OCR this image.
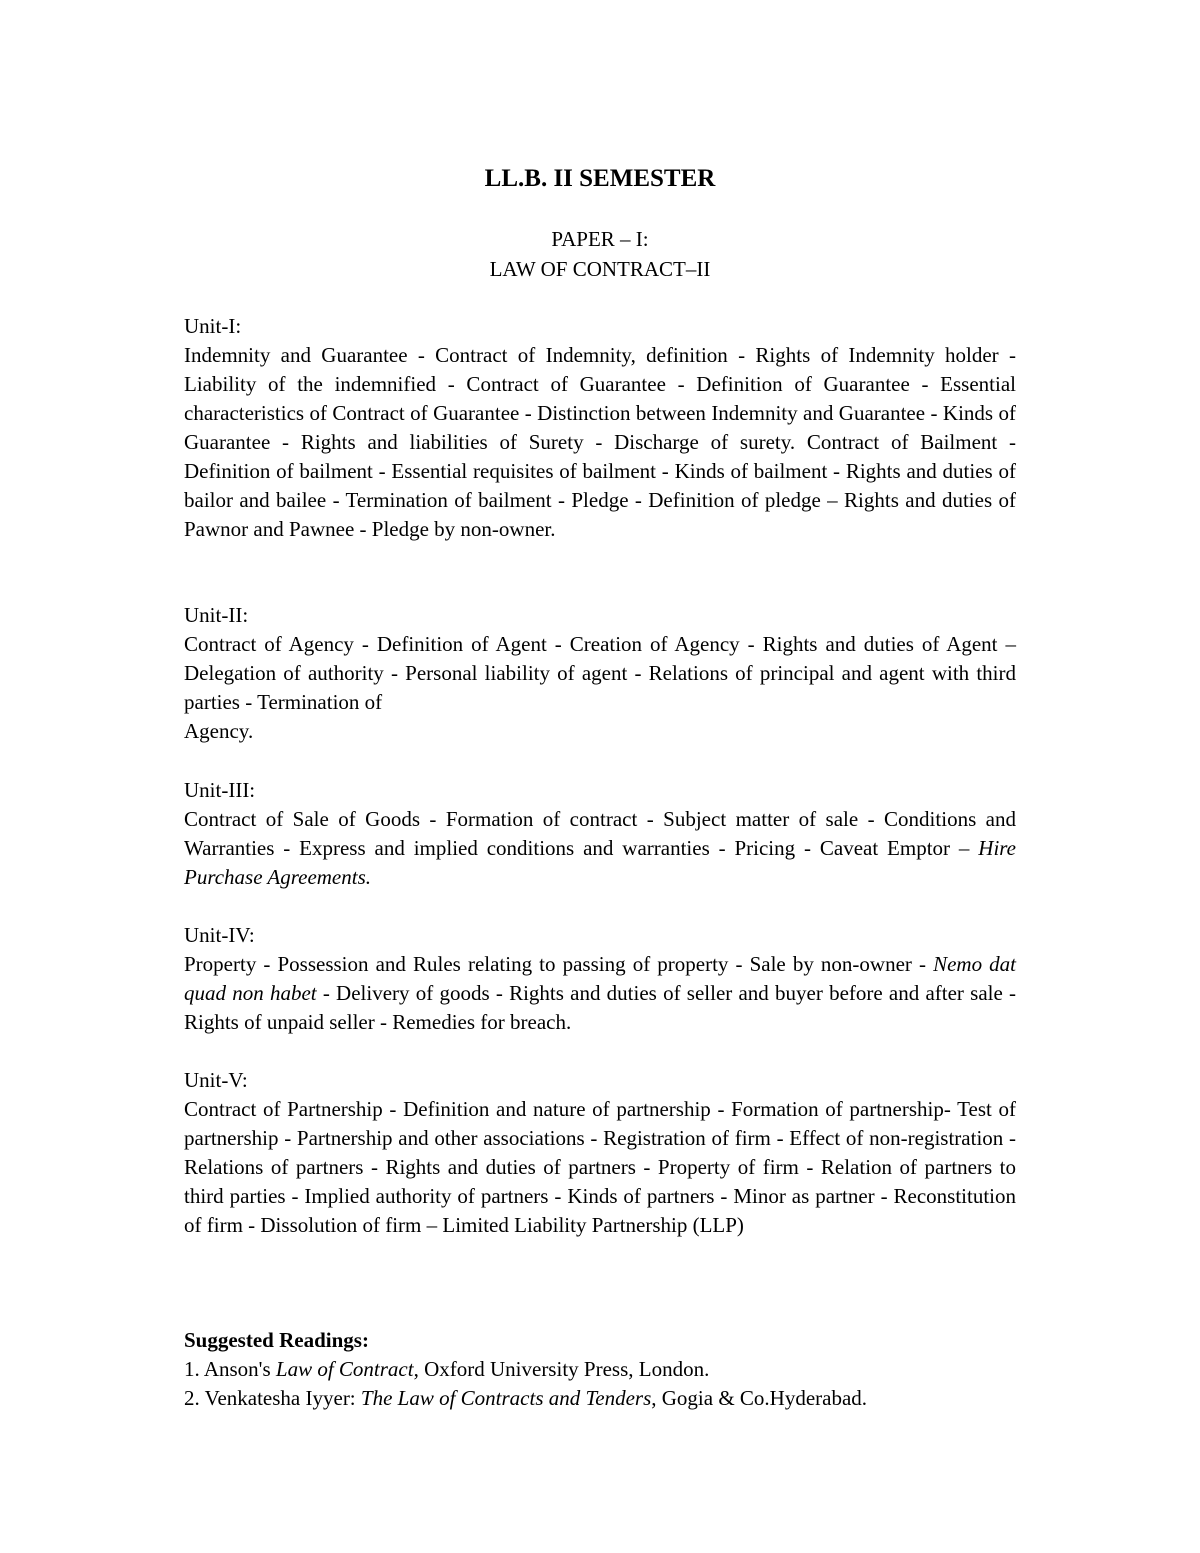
LL.B. II SEMESTER
PAPER – I:
LAW OF CONTRACT–II

Unit-I:

Indemnity and Guarantee - Contract of Indemnity, definition - Rights of Indemnity holder - Liability of the indemnified - Contract of Guarantee - Definition of Guarantee - Essential characteristics of Contract of Guarantee - Distinction between Indemnity and Guarantee - Kinds of Guarantee - Rights and liabilities of Surety - Discharge of surety. Contract of Bailment - Definition of bailment - Essential requisites of bailment - Kinds of bailment - Rights and duties of bailor and bailee - Termination of bailment - Pledge - Definition of pledge – Rights and duties of Pawnor and Pawnee - Pledge by non-owner.

Unit-II:

Contract of Agency - Definition of Agent - Creation of Agency - Rights and duties of Agent – Delegation of authority - Personal liability of agent - Relations of principal and agent with third parties - Termination of

Agency.

Unit-III:

Contract of Sale of Goods - Formation of contract - Subject matter of sale - Conditions and Warranties - Express and implied conditions and warranties - Pricing - Caveat Emptor – Hire Purchase Agreements.

Unit-IV:

Property - Possession and Rules relating to passing of property - Sale by non-owner - Nemo dat quad non habet - Delivery of goods - Rights and duties of seller and buyer before and after sale - Rights of unpaid seller - Remedies for breach.

Unit-V:

Contract of Partnership - Definition and nature of partnership - Formation of partnership- Test of partnership - Partnership and other associations - Registration of firm - Effect of non-registration - Relations of partners - Rights and duties of partners - Property of firm - Relation of partners to third parties - Implied authority of partners - Kinds of partners - Minor as partner - Reconstitution of firm - Dissolution of firm – Limited Liability Partnership (LLP)

Suggested Readings:
1. Anson's Law of Contract, Oxford University Press, London.
2. Venkatesha Iyyer: The Law of Contracts and Tenders, Gogia & Co.Hyderabad.
